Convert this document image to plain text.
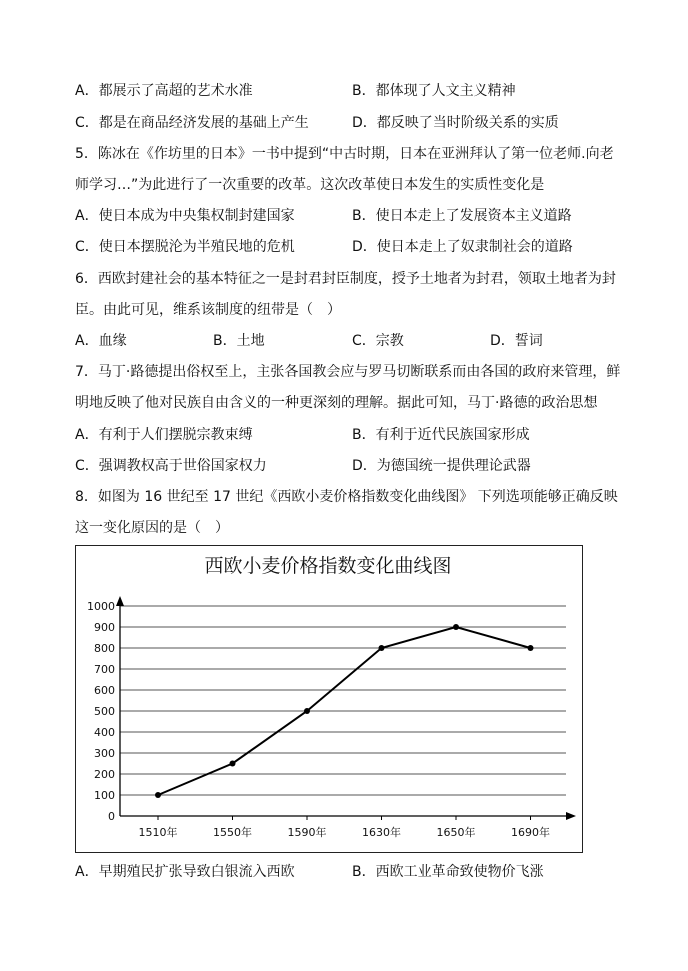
A．都展示了高超的艺术水准	B．都体现了人文主义精神
C．都是在商品经济发展的基础上产生	D．都反映了当时阶级关系的实质
5．陈冰在《作坊里的日本》一书中提到“中古时期，日本在亚洲拜认了第一位老师.向老
师学习…”为此进行了一次重要的改革。这次改革使日本发生的实质性变化是
A．使日本成为中央集权制封建国家	B．使日本走上了发展资本主义道路
C．使日本摆脱沦为半殖民地的危机	D．使日本走上了奴隶制社会的道路
6．西欧封建社会的基本特征之一是封君封臣制度，授予土地者为封君，领取土地者为封
臣。由此可见，维系该制度的纽带是（　）
A．血缘	B．土地	C．宗教	D．誓词
7．马丁·路德提出俗权至上，主张各国教会应与罗马切断联系而由各国的政府来管理，鲜
明地反映了他对民族自由含义的一种更深刻的理解。据此可知，马丁·路德的政治思想
A．有利于人们摆脱宗教束缚	B．有利于近代民族国家形成
C．强调教权高于世俗国家权力	D．为德国统一提供理论武器
8．如图为 16 世纪至 17 世纪《西欧小麦价格指数变化曲线图》 下列选项能够正确反映
这一变化原因的是（　）
西欧小麦价格指数变化曲线图
0
100
200
300
400
500
600
700
800
900
1000
1510年	1550年	1590年	1630年	1650年	1690年
A．早期殖民扩张导致白银流入西欧	B．西欧工业革命致使物价飞涨
